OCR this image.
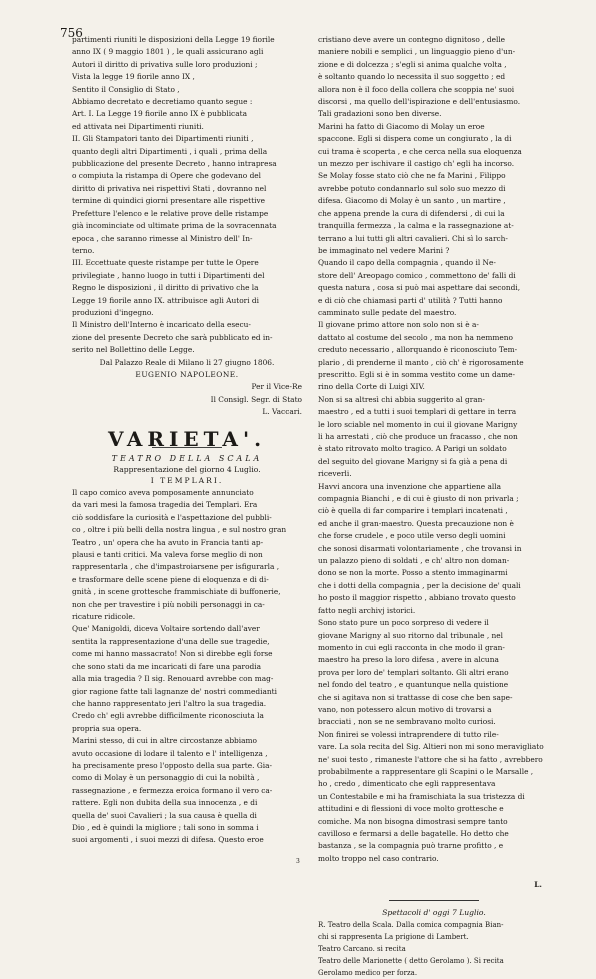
756
partimenti riuniti le disposizioni della Legge 19 fiorile
anno IX ( 9 maggio 1801 ) , le quali assicurano agli
Autori il diritto di privativa sulle loro produzioni ;
Vista la legge 19 fiorile anno IX ,
Sentito il Consiglio di Stato ,
Abbiamo decretato e decretiamo quanto segue :
Art. I. La Legge 19 fiorile anno IX è pubblicata
ed attivata nei Dipartimenti riuniti.
II. Gli Stampatori tanto dei Dipartimenti riuniti ,
quanto degli altri Dipartimenti , i quali , prima della
pubblicazione del presente Decreto , hanno intrapresa
o compiuta la ristampa di Opere che godevano del
diritto di privativa nei rispettivi Stati , dovranno nel
termine di quindici giorni presentare alle rispettive
Prefetture l'elenco e le relative prove delle ristampe
già incominciate od ultimate prima de la sovracennata
epoca , che saranno rimesse al Ministro dell' In-
terno.
III. Eccettuate queste ristampe per tutte le Opere
privilegiate , hanno luogo in tutti i Dipartimenti del
Regno le disposizioni , il diritto di privativo che la
Legge 19 fiorile anno IX. attribuisce agli Autori di
produzioni d'ingegno.
Il Ministro dell'Interno è incaricato della esecu-
zione del presente Decreto che sarà pubblicato ed in-
serito nel Bollettino delle Legge.
Dal Palazzo Reale di Milano li 27 giugno 1806.
EUGENIO NAPOLEONE.
Per il Vice-Re
Il Consigl. Segr. di Stato
L. Vaccari.
VARIETA'.
TEATRO DELLA SCALA
Rappresentazione del giorno 4 Luglio.
I TEMPLARI.
Il capo comico aveva pomposamente annunciato
da vari mesi la famosa tragedia dei Templari. Era
ciò soddisfare la curiosità e l'aspettazione del pubbli-
co , oltre i più belli della nostra lingua , e sul nostro gran
Teatro , un' opera che ha avuto in Francia tanti ap-
plausi e tanti critici. Ma valeva forse meglio di non
rappresentarla , che d'impastroiarsene per isfigurarla ,
e trasformare delle scene piene di eloquenza e di di-
gnità , in scene grottesche frammischiate di buffonerie,
non che per travestire i più nobili personaggi in ca-
ricature ridicole.
Que' Manigoldi, diceva Voltaire sortendo dall'aver
sentita la rappresentazione d'una delle sue tragedie,
come mi hanno massacrato! Non si direbbe egli forse
che sono stati da me incaricati di fare una parodia
alla mia tragedia ? Il sig. Renouard avrebbe con mag-
gior ragione fatte tali lagnanze de' nostri commedianti
che hanno rappresentato jeri l'altro la sua tragedia.
Credo ch' egli avrebbe difficilmente riconosciuta la
propria sua opera.
Marini stesso, di cui in altre circostanze abbiamo
avuto occasione di lodare il talento e l' intelligenza ,
ha precisamente preso l'opposto della sua parte. Gia-
como di Molay è un personaggio di cui la nobiltà ,
rassegnazione , e fermezza eroica formano il vero ca-
rattere. Egli non dubita della sua innocenza , e di
quella de' suoi Cavalieri ; la sua causa è quella di
Dio , ed è quindi la migliore ; tali sono in somma i
suoi argomenti , i suoi mezzi di difesa. Questo eroe
cristiano deve avere un contegno dignitoso , delle
maniere nobili e semplici , un linguaggio pieno d'un-
zione e di dolcezza ; s'egli si anima qualche volta ,
è soltanto quando lo necessita il suo soggetto ; ed
allora non è il foco della collera che scoppia ne' suoi
discorsi , ma quello dell'ispirazione e dell'entusiasmo.
Tali gradazioni sono ben diverse.
Marini ha fatto di Giacomo di Molay un eroe
spaccone. Egli si dispera come un congiurato , la di
cui trama è scoperta , e che cerca nella sua eloquenza
un mezzo per ischivare il castigo ch' egli ha incorso.
Se Molay fosse stato ciò che ne fa Marini , Filippo
avrebbe potuto condannarlo sul solo suo mezzo di
difesa. Giacomo di Molay è un santo , un martire ,
che appena prende la cura di difendersi , di cui la
tranquilla fermezza , la calma e la rassegnazione at-
terrano a lui tutti gli altri cavalieri. Chi sì lo sarch-
be immaginato nel vedere Marini ?
Quando il capo della compagnia , quando il Ne-
store dell' Areopago comico , commettono de' falli di
questa natura , cosa si può mai aspettare dai secondi,
e di ciò che chiamasi parti d' utilità ? Tutti hanno
camminato sulle pedate del maestro.
Il giovane primo attore non solo non si è a-
dattato al costume del secolo , ma non ha nemmeno
creduto necessario , allorquando è riconosciuto Tem-
plario , di prenderne il manto , ciò ch' è rigorosamente
prescritto. Egli si è in somma vestito come un dame-
rino della Corte di Luigi XIV.
Non si sa altresì chi abbia suggerito al gran-
maestro , ed a tutti i suoi templari di gettare in terra
le loro sciable nel momento in cui il giovane Marigny
li ha arrestati , ciò che produce un fracasso , che non
è stato ritrovato molto tragico. A Parigi un soldato
del seguito del giovane Marigny si fa già a pena di
riceverli.
Havvi ancora una invenzione che appartiene alla
compagnia Bianchi , e di cui è giusto di non privarla ;
ciò è quella di far comparire i templari incatenati ,
ed anche il gran-maestro. Questa precauzione non è
che forse crudele , e poco utile verso degli uomini
che sonosi disarmati volontariamente , che trovansi in
un palazzo pieno di soldati , e ch' altro non doman-
dono se non la morte. Posso a stento immaginarmi
che i dotti della compagnia , per la decisione de' quali
ho posto il maggior rispetto , abbiano trovato questo
fatto negli archivj istorici.
Sono stato pure un poco sorpreso di vedere il
giovane Marigny al suo ritorno dal tribunale , nel
momento in cui egli racconta in che modo il gran-
maestro ha preso la loro difesa , avere in alcuna
prova per loro de' templari soltanto. Gli altri erano
nel fondo del teatro , e quantunque nella quistione
che si agitava non si trattasse di cose che ben sape-
vano, non potessero alcun motivo di trovarsi a
bracciati , non se ne sembravano molto curiosi.
Non finirei se volessi intraprendere di tutto rile-
vare. La sola recita del Sig. Altieri non mi sono meravigliato
ne' suoi testo , rimaneste l'attore che si ha fatto , avrebbero
probabilmente a rappresentare gli Scapini o le Marsalle ,
ho , credo , dimenticato che egli rappresentava
un Contestabile e mi ha framischiata la sua tristezza di
attitudini e di flessioni di voce molto grottesche e
comiche. Ma non bisogna dimostrasi sempre tanto
cavilloso e fermarsi a delle bagatelle. Ho detto che
bastanza , se la compagnia può trarne profitto , e
molto troppo nel caso contrario.
L.
Spettacoli d' oggi 7 Luglio.
R. Teatro della Scala. Dalla comica compagnia Bian-
chi si rappresenta La prigione di Lambert.
Teatro Carcano. si recita
Teatro delle Marionette ( detto Gerolamo ). Si recita
Gerolamo medico per forza.
3
